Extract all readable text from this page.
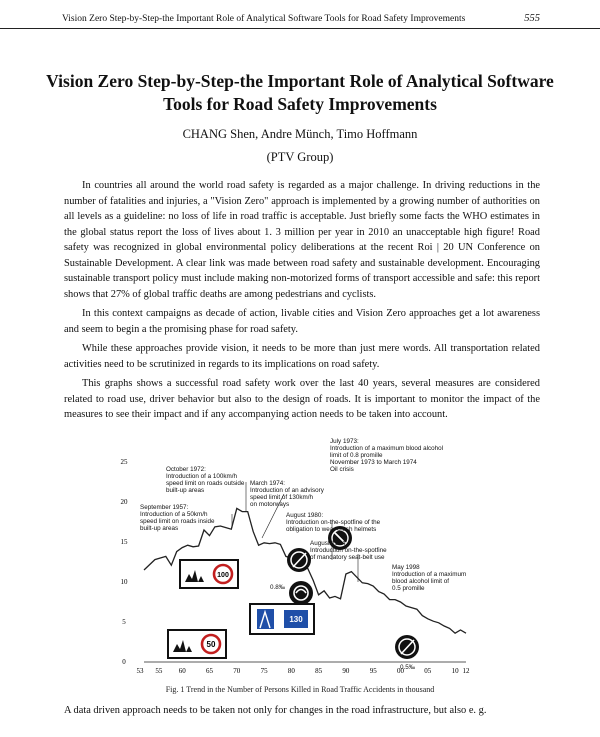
Vision Zero Step-by-Step-the Important Role of Analytical Software Tools for Road Safety Improvements	555
Vision Zero Step-by-Step-the Important Role of Analytical Software Tools for Road Safety Improvements
CHANG Shen, Andre Münch, Timo Hoffmann
(PTV Group)

In countries all around the world road safety is regarded as a major challenge. In driving reductions in the number of fatalities and injuries, a "Vision Zero" approach is implemented by a growing number of authorities on all levels as a guideline: no loss of life in road traffic is acceptable. Just briefly some facts the WHO estimates in the global status report the loss of lives about 1. 3 million per year in 2010 an unacceptable high figure! Road safety was recognized in global environmental policy deliberations at the recent Roi | 20 UN Conference on Sustainable Development. A clear link was made between road safety and sustainable development. Encouraging sustainable transport policy must include making non-motorized forms of transport accessible and safe: this report shows that 27% of global traffic deaths are among pedestrians and cyclists.

In this context campaigns as decade of action, livable cities and Vision Zero approaches get a lot awareness and seem to begin a the promising phase for road safety.

While these approaches provide vision, it needs to be more than just mere words. All transportation related activities need to be scrutinized in regards to its implications on road safety.

This graphs shows a successful road safety work over the last 40 years, several measures are considered related to road use, driver behavior but also to the design of roads. It is important to monitor the impact of the measures to see their impact and if any accompanying action needs to be taken into account.

0
5
10
15
20
25
53 55 60	65	70	75	80	85	90	95	00	05	10 12
50
100
130
July 1973:
Introduction of a maximum blood alcohol
limit of 0.8 promille
November 1973 to March 1974
Oil crisis
October 1972:
Introduction of a 100km/h
speed limit on roads outside
built-up areas
March 1974:
Introduction of an advisory
speed limit of 130km/h
on motorways
September 1957:
Introduction of a 50km/h
speed limit on roads inside
built-up areas
August 1980:
Introduction on-the-spotfine of the
obligation to wear crash helmets
August 1984:
Introduction on-the-spotfine
of mandatory seat-belt use
May 1998
Introduction of a maximum
blood alcohol limit of
0.5 promille
0.8‰
0.5‰
Fig. 1 Trend in the Number of Persons Killed in Road Traffic Accidents in thousand
A data driven approach needs to be taken not only for changes in the road infrastructure, but also e. g.
